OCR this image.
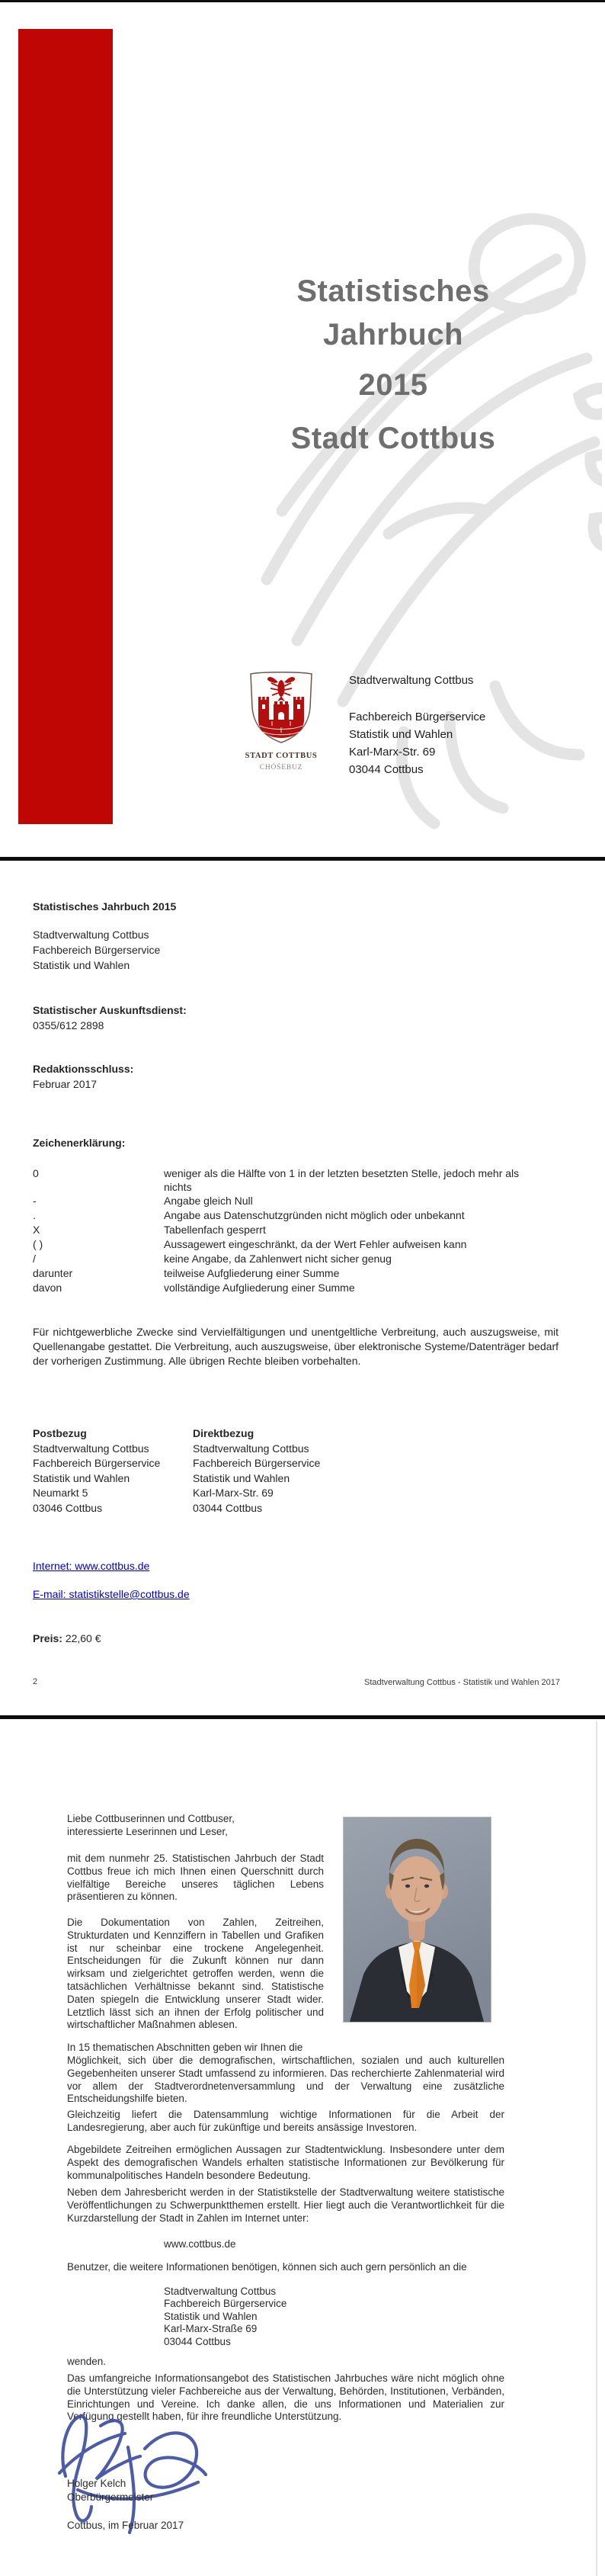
Statistisches
Jahrbuch
2015
Stadt Cottbus
STADT COTTBUS
CHÓŚEBUZ
Stadtverwaltung Cottbus
Fachbereich Bürgerservice
Statistik und Wahlen
Karl-Marx-Str. 69
03044 Cottbus
Statistisches Jahrbuch 2015
Stadtverwaltung Cottbus
Fachbereich Bürgerservice
Statistik und Wahlen
Statistischer Auskunftsdienst:
0355/612 2898
Redaktionsschluss:
Februar 2017
Zeichenerklärung:
0	weniger als die Hälfte von 1 in der letzten besetzten Stelle, jedoch mehr als nichts
-	Angabe gleich Null
.	Angabe aus Datenschutzgründen nicht möglich oder unbekannt
X	Tabellenfach gesperrt
( )	Aussagewert eingeschränkt, da der Wert Fehler aufweisen kann
/	keine Angabe, da Zahlenwert nicht sicher genug
darunter	teilweise Aufgliederung einer Summe
davon	vollständige Aufgliederung einer Summe
Für nichtgewerbliche Zwecke sind Vervielfältigungen und unentgeltliche Verbreitung, auch auszugsweise, mit Quellenangabe gestattet. Die Verbreitung, auch auszugsweise, über elektronische Systeme/Datenträger bedarf der vorherigen Zustimmung. Alle übrigen Rechte bleiben vorbehalten.
Postbezug
Stadtverwaltung Cottbus
Fachbereich Bürgerservice
Statistik und Wahlen
Neumarkt 5
03046 Cottbus
Direktbezug
Stadtverwaltung Cottbus
Fachbereich Bürgerservice
Statistik und Wahlen
Karl-Marx-Str. 69
03044 Cottbus
Internet: www.cottbus.de
E-mail: statistikstelle@cottbus.de
Preis: 22,60 €
2	Stadtverwaltung Cottbus - Statistik und Wahlen 2017
Liebe Cottbuserinnen und Cottbuser,
interessierte Leserinnen und Leser,
mit dem nunmehr 25. Statistischen Jahrbuch der Stadt Cottbus freue ich mich Ihnen einen Querschnitt durch vielfältige Bereiche unseres täglichen Lebens präsentieren zu können.
Die Dokumentation von Zahlen, Zeitreihen, Strukturdaten und Kennziffern in Tabellen und Grafiken ist nur scheinbar eine trockene Angelegenheit. Entscheidungen für die Zukunft können nur dann wirksam und zielgerichtet getroffen werden, wenn die tatsächlichen Verhältnisse bekannt sind. Statistische Daten spiegeln die Entwicklung unserer Stadt wider. Letztlich lässt sich an ihnen der Erfolg politischer und wirtschaftlicher Maßnahmen ablesen.
In 15 thematischen Abschnitten geben wir Ihnen die
Möglichkeit, sich über die demografischen, wirtschaftlichen, sozialen und auch kulturellen Gegebenheiten unserer Stadt umfassend zu informieren. Das recherchierte Zahlenmaterial wird vor allem der Stadtverordnetenversammlung und der Verwaltung eine zusätzliche Entscheidungshilfe bieten.
Gleichzeitig liefert die Datensammlung wichtige Informationen für die Arbeit der Landesregierung, aber auch für zukünftige und bereits ansässige Investoren.
Abgebildete Zeitreihen ermöglichen Aussagen zur Stadtentwicklung. Insbesondere unter dem Aspekt des demografischen Wandels erhalten statistische Informationen zur Bevölkerung für kommunalpolitisches Handeln besondere Bedeutung.
Neben dem Jahresbericht werden in der Statistikstelle der Stadtverwaltung weitere statistische Veröffentlichungen zu Schwerpunktthemen erstellt. Hier liegt auch die Verantwortlichkeit für die Kurzdarstellung der Stadt in Zahlen im Internet unter:
www.cottbus.de
Benutzer, die weitere Informationen benötigen, können sich auch gern persönlich an die
Stadtverwaltung Cottbus
Fachbereich Bürgerservice
Statistik und Wahlen
Karl-Marx-Straße 69
03044 Cottbus
wenden.
Das umfangreiche Informationsangebot des Statistischen Jahrbuches wäre nicht möglich ohne die Unterstützung vieler Fachbereiche aus der Verwaltung, Behörden, Institutionen, Verbänden, Einrichtungen und Vereine. Ich danke allen, die uns Informationen und Materialien zur Verfügung gestellt haben, für ihre freundliche Unterstützung.
Holger Kelch
Oberbürgermeister
Cottbus, im Februar 2017
